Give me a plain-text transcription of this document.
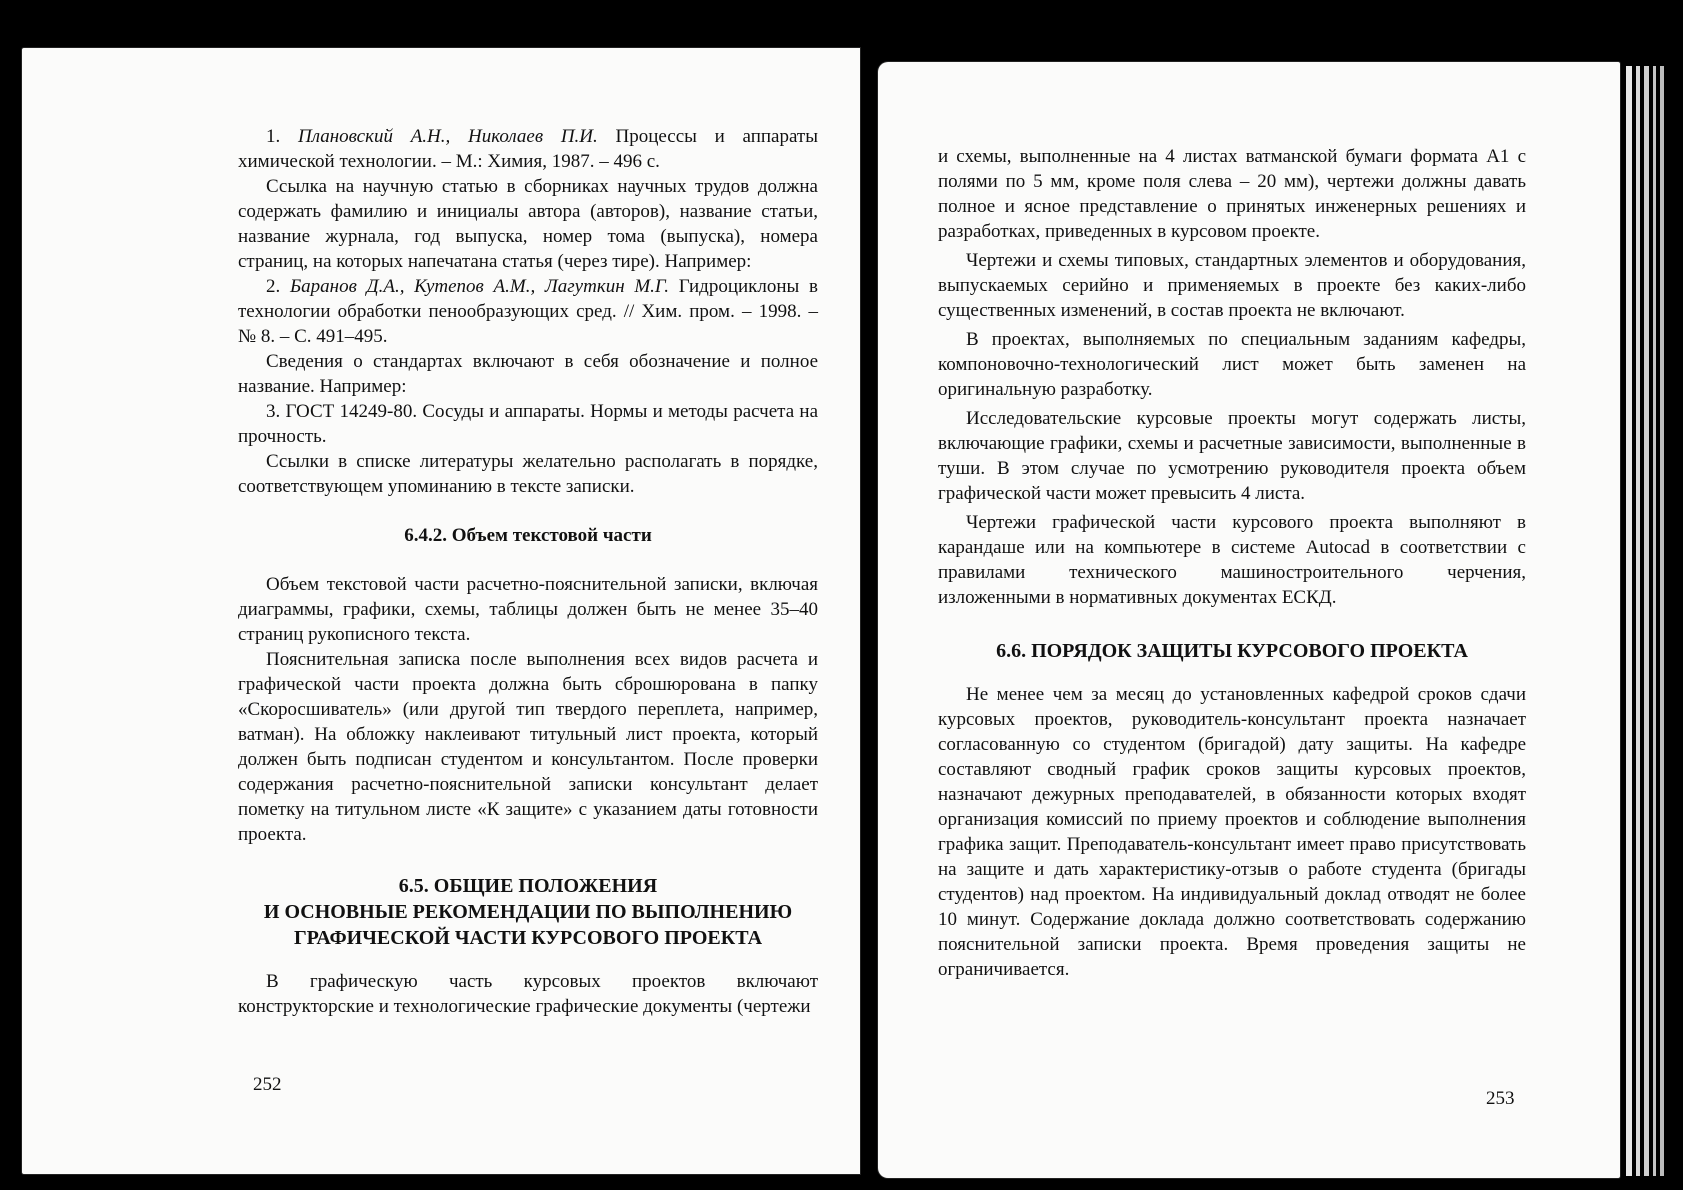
1. Плановский А.Н., Николаев П.И. Процессы и аппараты химической технологии. – М.: Химия, 1987. – 496 с.

Ссылка на научную статью в сборниках научных трудов должна содержать фамилию и инициалы автора (авторов), название статьи, название журнала, год выпуска, номер тома (выпуска), номера страниц, на которых напечатана статья (через тире). Например:

2. Баранов Д.А., Кутепов А.М., Лагуткин М.Г. Гидроциклоны в технологии обработки пенообразующих сред. // Хим. пром. – 1998. – № 8. – С. 491–495.

Сведения о стандартах включают в себя обозначение и полное название. Например:

3. ГОСТ 14249-80. Сосуды и аппараты. Нормы и методы расчета на прочность.

Ссылки в списке литературы желательно располагать в порядке, соответствующем упоминанию в тексте записки.

6.4.2. Объем текстовой части

Объем текстовой части расчетно-пояснительной записки, включая диаграммы, графики, схемы, таблицы должен быть не менее 35–40 страниц рукописного текста.

Пояснительная записка после выполнения всех видов расчета и графической части проекта должна быть сброшюрована в папку «Скоросшиватель» (или другой тип твердого переплета, например, ватман). На обложку наклеивают титульный лист проекта, который должен быть подписан студентом и консультантом. После проверки содержания расчетно-пояснительной записки консультант делает пометку на титульном листе «К защите» с указанием даты готовности проекта.

6.5. ОБЩИЕ ПОЛОЖЕНИЯ
И ОСНОВНЫЕ РЕКОМЕНДАЦИИ ПО ВЫПОЛНЕНИЮ
ГРАФИЧЕСКОЙ ЧАСТИ КУРСОВОГО ПРОЕКТА

В графическую часть курсовых проектов включают конструкторские и технологические графические документы (чертежи

252

и схемы, выполненные на 4 листах ватманской бумаги формата А1 с полями по 5 мм, кроме поля слева – 20 мм), чертежи должны давать полное и ясное представление о принятых инженерных решениях и разработках, приведенных в курсовом проекте.

Чертежи и схемы типовых, стандартных элементов и оборудования, выпускаемых серийно и применяемых в проекте без каких-либо существенных изменений, в состав проекта не включают.

В проектах, выполняемых по специальным заданиям кафедры, компоновочно-технологический лист может быть заменен на оригинальную разработку.

Исследовательские курсовые проекты могут содержать листы, включающие графики, схемы и расчетные зависимости, выполненные в туши. В этом случае по усмотрению руководителя проекта объем графической части может превысить 4 листа.

Чертежи графической части курсового проекта выполняют в карандаше или на компьютере в системе Autocad в соответствии с правилами технического машиностроительного черчения, изложенными в нормативных документах ЕСКД.

6.6. ПОРЯДОК ЗАЩИТЫ КУРСОВОГО ПРОЕКТА

Не менее чем за месяц до установленных кафедрой сроков сдачи курсовых проектов, руководитель-консультант проекта назначает согласованную со студентом (бригадой) дату защиты. На кафедре составляют сводный график сроков защиты курсовых проектов, назначают дежурных преподавателей, в обязанности которых входят организация комиссий по приему проектов и соблюдение выполнения графика защит. Преподаватель-консультант имеет право присутствовать на защите и дать характеристику-отзыв о работе студента (бригады студентов) над проектом. На индивидуальный доклад отводят не более 10 минут. Содержание доклада должно соответствовать содержанию пояснительной записки проекта. Время проведения защиты не ограничивается.

253
